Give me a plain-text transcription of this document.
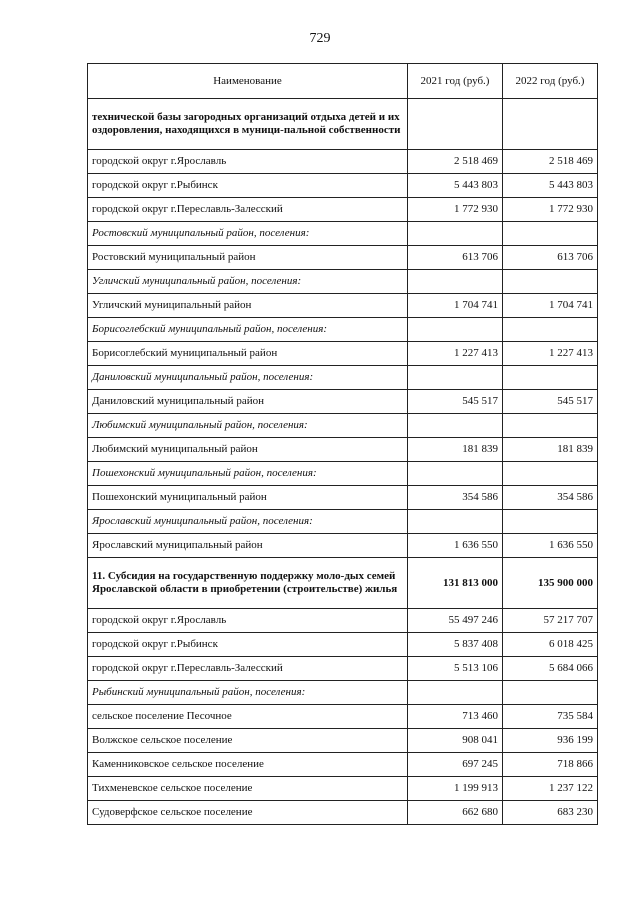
729
Наименование	2021 год (руб.)	2022 год (руб.)
технической базы загородных организаций отдыха детей и их оздоровления, находящихся в муници-пальной собственности		
городской округ г.Ярославль	2 518 469	2 518 469
городской округ г.Рыбинск	5 443 803	5 443 803
городской округ г.Переславль-Залесский	1 772 930	1 772 930
Ростовский муниципальный район, поселения:		
Ростовский муниципальный район	613 706	613 706
Угличский муниципальный район, поселения:		
Угличский муниципальный район	1 704 741	1 704 741
Борисоглебский муниципальный район, поселения:		
Борисоглебский муниципальный район	1 227 413	1 227 413
Даниловский муниципальный район, поселения:		
Даниловский муниципальный район	545 517	545 517
Любимский муниципальный район, поселения:		
Любимский муниципальный район	181 839	181 839
Пошехонский муниципальный район, поселения:		
Пошехонский муниципальный район	354 586	354 586
Ярославский муниципальный район, поселения:		
Ярославский муниципальный район	1 636 550	1 636 550
11. Субсидия на государственную поддержку моло-дых семей Ярославской области в приобретении (строительстве) жилья	131 813 000	135 900 000
городской округ г.Ярославль	55 497 246	57 217 707
городской округ г.Рыбинск	5 837 408	6 018 425
городской округ г.Переславль-Залесский	5 513 106	5 684 066
Рыбинский муниципальный район, поселения:		
сельское поселение Песочное	713 460	735 584
Волжское сельское поселение	908 041	936 199
Каменниковское сельское поселение	697 245	718 866
Тихменевское сельское поселение	1 199 913	1 237 122
Судоверфское сельское поселение	662 680	683 230
